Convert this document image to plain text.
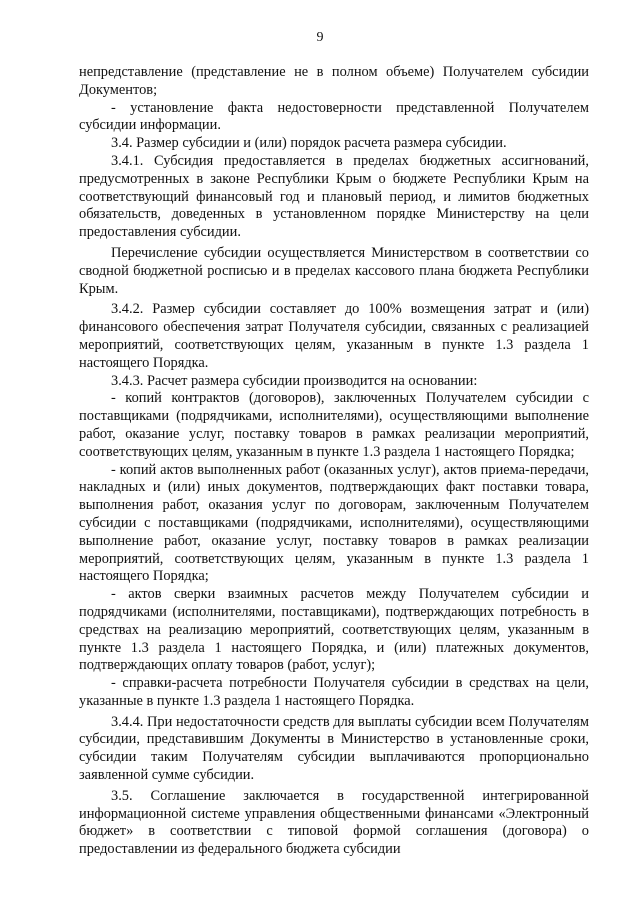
9

непредставление (представление не в полном объеме) Получателем субсидии Документов;

- установление факта недостоверности представленной Получателем субсидии информации.

3.4. Размер субсидии и (или) порядок расчета размера субсидии.

3.4.1. Субсидия предоставляется в пределах бюджетных ассигнований, предусмотренных в законе Республики Крым о бюджете Республики Крым на соответствующий финансовый год и плановый период, и лимитов бюджетных обязательств, доведенных в установленном порядке Министерству на цели предоставления субсидии.

Перечисление субсидии осуществляется Министерством в соответствии со сводной бюджетной росписью и в пределах кассового плана бюджета Республики Крым.

3.4.2. Размер субсидии составляет до 100% возмещения затрат и (или) финансового обеспечения затрат Получателя субсидии, связанных с реализацией мероприятий, соответствующих целям, указанным в пункте 1.3 раздела 1 настоящего Порядка.

3.4.3. Расчет размера субсидии производится на основании:

- копий контрактов (договоров), заключенных Получателем субсидии с поставщиками (подрядчиками, исполнителями), осуществляющими выполнение работ, оказание услуг, поставку товаров в рамках реализации мероприятий, соответствующих целям, указанным в пункте 1.3 раздела 1 настоящего Порядка;

- копий актов выполненных работ (оказанных услуг), актов приема-передачи, накладных и (или) иных документов, подтверждающих факт поставки товара, выполнения работ, оказания услуг по договорам, заключенным Получателем субсидии с поставщиками (подрядчиками, исполнителями), осуществляющими выполнение работ, оказание услуг, поставку товаров в рамках реализации мероприятий, соответствующих целям, указанным в пункте 1.3 раздела 1 настоящего Порядка;

- актов сверки взаимных расчетов между Получателем субсидии и подрядчиками (исполнителями, поставщиками), подтверждающих потребность в средствах на реализацию мероприятий, соответствующих целям, указанным в пункте 1.3 раздела 1 настоящего Порядка, и (или) платежных документов, подтверждающих оплату товаров (работ, услуг);

- справки-расчета потребности Получателя субсидии в средствах на цели, указанные в пункте 1.3 раздела 1 настоящего Порядка.

3.4.4. При недостаточности средств для выплаты субсидии всем Получателям субсидии, представившим Документы в Министерство в установленные сроки, субсидии таким Получателям субсидии выплачиваются пропорционально заявленной сумме субсидии.

3.5. Соглашение заключается в государственной интегрированной информационной системе управления общественными финансами «Электронный бюджет» в соответствии с типовой формой соглашения (договора) о предоставлении из федерального бюджета субсидии
